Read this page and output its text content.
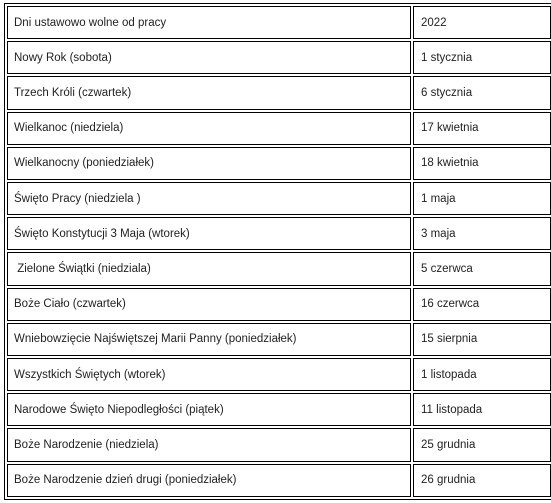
Dni ustawowo wolne od pracy	2022
Nowy Rok (sobota)	1 stycznia
Trzech Króli (czwartek)	6 stycznia
Wielkanoc (niedziela)	17 kwietnia
Wielkanocny (poniedziałek)	18 kwietnia
Święto Pracy (niedziela )	1 maja
Święto Konstytucji 3 Maja (wtorek)	3 maja
Zielone Świątki (niedziala)	5 czerwca
Boże Ciało (czwartek)	16 czerwca
Wniebowzięcie Najświętszej Marii Panny (poniedziałek)	15 sierpnia
Wszystkich Świętych (wtorek)	1 listopada
Narodowe Święto Niepodległości (piątek)	11 listopada
Boże Narodzenie (niedziela)	25 grudnia
Boże Narodzenie dzień drugi (poniedziałek)	26 grudnia
